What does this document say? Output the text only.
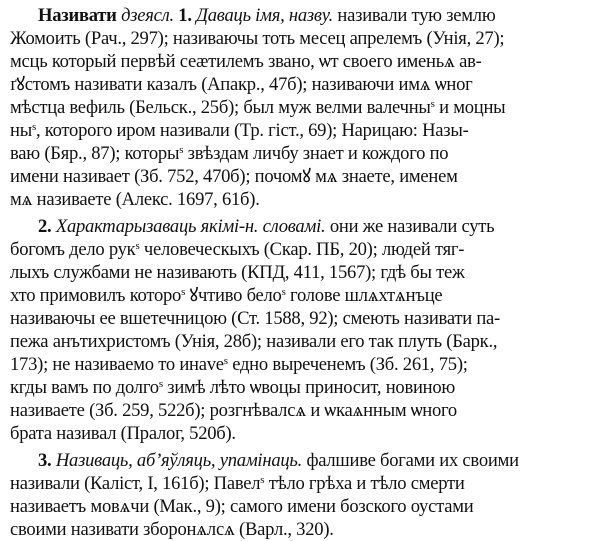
Називати дзеясл. 1. Даваць імя, назву. називали тую землю
Жомоить (Рач., 297); називаючы тоть месец апрелемъ (Унія, 27);
мсць который первѣй сеӕтилемъ звано, ѡт своего именьѧ ав-
ґꙋстомъ називати казалъ (Апакр., 47б); називаючи имѧ ѡног
мѣстца вефиль (Бельск., 25б); был муж велми валечны$^s$ и моцны
$ны^s$, которого иром називали (Тр. гіст., 69); Нарицаю: Назы-
ваю (Бяр., 87); которы$^s$ звѣздам личбу знает и кождого по
имени називает (Зб. 752, 470б); почомꙋ мѧ знаете, именем
мѧ називаете (Алекс. 1697, 61б).
2. Характарызаваць якімі-н. словамі. они же називали суть
богомъ дело рук$^s$ человеческыхъ (Скар. ПБ, 20); людей тяг-
лыхъ службами не називають (КПД, 411, 1567); гдѣ бы теж
хто примовилъ которо$^s$ ꙋчтиво бело$^s$ голове шлѧхтѧнъце
називаючы ее вшетечницою (Ст. 1588, 92); смеють називати па-
пежа анътихристомъ (Унія, 28б); називали его так плуть (Барк.,
173); не називаемо то инаᴠе$^s$ едно выреченемъ (Зб. 261, 75);
кгды вамъ по долго$^s$ зимѣ лѣто ѡвоцы приносит, новиною
називаете (Зб. 259, 522б); розгнѣвалсѧ и ѡкаѧнным ѡного
брата називал (Пралог, 520б).
3. Називаць, абʼяўляць, упамінаць. фалшиве богами их своими
називали (Каліст, I, 161б); Павел$^s$ тѣло грѣха и тѣло смерти
називаетъ мовѧчи (Мак., 9); самого имени бозского оустами
своими називати зборонѧлсѧ (Варл., 320).
